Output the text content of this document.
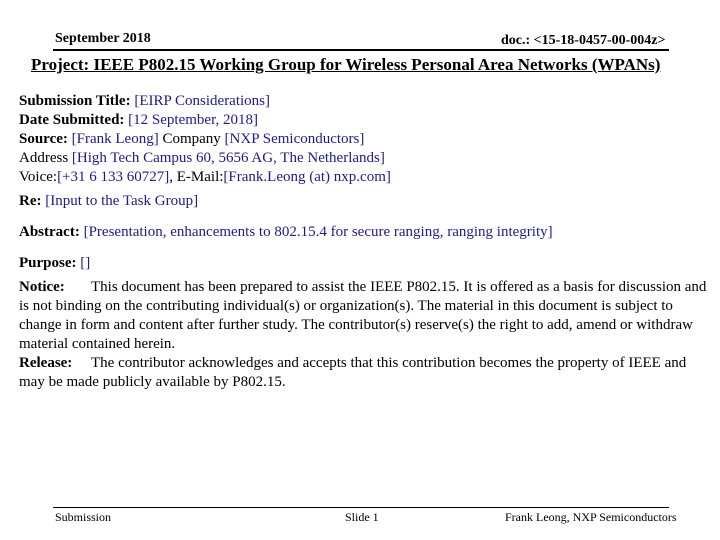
September 2018	doc.: <15-18-0457-00-004z>
Project: IEEE P802.15 Working Group for Wireless Personal Area Networks (WPANs)
Submission Title: [EIRP Considerations]
Date Submitted: [12 September, 2018]
Source: [Frank Leong] Company [NXP Semiconductors]
Address [High Tech Campus 60, 5656 AG, The Netherlands]
Voice:[+31 6 133 60727], E-Mail:[Frank.Leong (at) nxp.com]
Re: [Input to the Task Group]
Abstract: [Presentation, enhancements to 802.15.4 for secure ranging, ranging integrity]
Purpose: []
Notice: This document has been prepared to assist the IEEE P802.15. It is offered as a basis for discussion and is not binding on the contributing individual(s) or organization(s). The material in this document is subject to change in form and content after further study. The contributor(s) reserve(s) the right to add, amend or withdraw material contained herein.
Release: The contributor acknowledges and accepts that this contribution becomes the property of IEEE and may be made publicly available by P802.15.
Submission	Slide 1	Frank Leong, NXP Semiconductors
